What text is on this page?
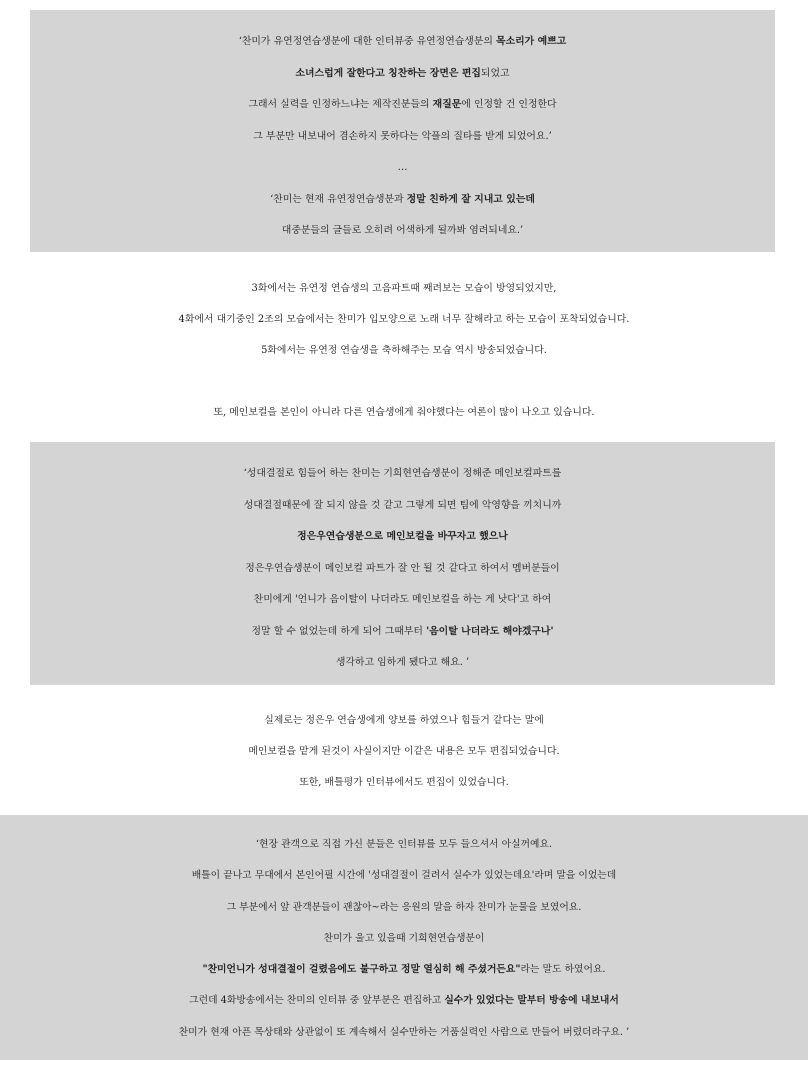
‘찬미가 유연정연습생분에 대한 인터뷰중 유연정연습생분의 목소리가 예쁘고
소녀스럽게 잘한다고 칭찬하는 장면은 편집되었고
그래서 실력을 인정하느냐는 제작진분들의 재질문에 인정할 건 인정한다
그 부분만 내보내어 겸손하지 못하다는 악플의 질타를 받게 되었어요.’
…
‘찬미는 현재 유연정연습생분과 정말 친하게 잘 지내고 있는데
대중분들의 글들로 오히려 어색하게 될까봐 염려되네요.’
3화에서는 유연정 연습생의 고음파트때 째려보는 모습이 방영되었지만,
4화에서 대기중인 2조의 모습에서는 찬미가 입모양으로 노래 너무 잘해라고 하는 모습이 포착되었습니다.
5화에서는 유연정 연습생을 축하해주는 모습 역시 방송되었습니다.
또, 메인보컬을 본인이 아니라 다른 연습생에게 줘야했다는 여론이 많이 나오고 있습니다.
‘성대결절로 힘들어 하는 찬미는 기희현연습생분이 정해준 메인보컬파트를
성대결절때문에 잘 되지 않을 것 같고 그렇게 되면 팀에 악영향을 끼치니까
정은우연습생분으로 메인보컬을 바꾸자고 했으나
정은우연습생분이 메인보컬 파트가 잘 안 될 것 같다고 하여서 멤버분들이
찬미에게 '언니가 음이탈이 나더라도 메인보컬을 하는 게 낫다'고 하여
정말 할 수 없었는데 하게 되어 그때부터 '음이탈 나더라도 해야겠구나'
생각하고 임하게 됐다고 해요. ’
실제로는 정은우 연습생에게 양보를 하였으나 힘들거 같다는 말에
메인보컬을 맡게 된것이 사실이지만 이같은 내용은 모두 편집되었습니다.
또한, 배틀평가 인터뷰에서도 편집이 있었습니다.
‘현장 관객으로 직접 가신 분들은 인터뷰를 모두 들으셔서 아실꺼예요.
배틀이 끝나고 무대에서 본인어필 시간에 '성대결절이 걸려서 실수가 있었는데요'라며 말을 이었는데
그 부분에서 앞 관객분들이 괜찮아~라는 응원의 말을 하자 찬미가 눈물을 보였어요.
찬미가 울고 있을때 기희현연습생분이
"찬미언니가 성대결절이 걸렸음에도 불구하고 정말 열심히 해 주셨거든요"라는 말도 하였어요.
그런데 4화방송에서는 찬미의 인터뷰 중 앞부분은 편집하고 실수가 있었다는 말부터 방송에 내보내서
찬미가 현재 아픈 목상태와 상관없이 또 계속해서 실수만하는 거품실력인 사람으로 만들어 버렸더라구요. ’
